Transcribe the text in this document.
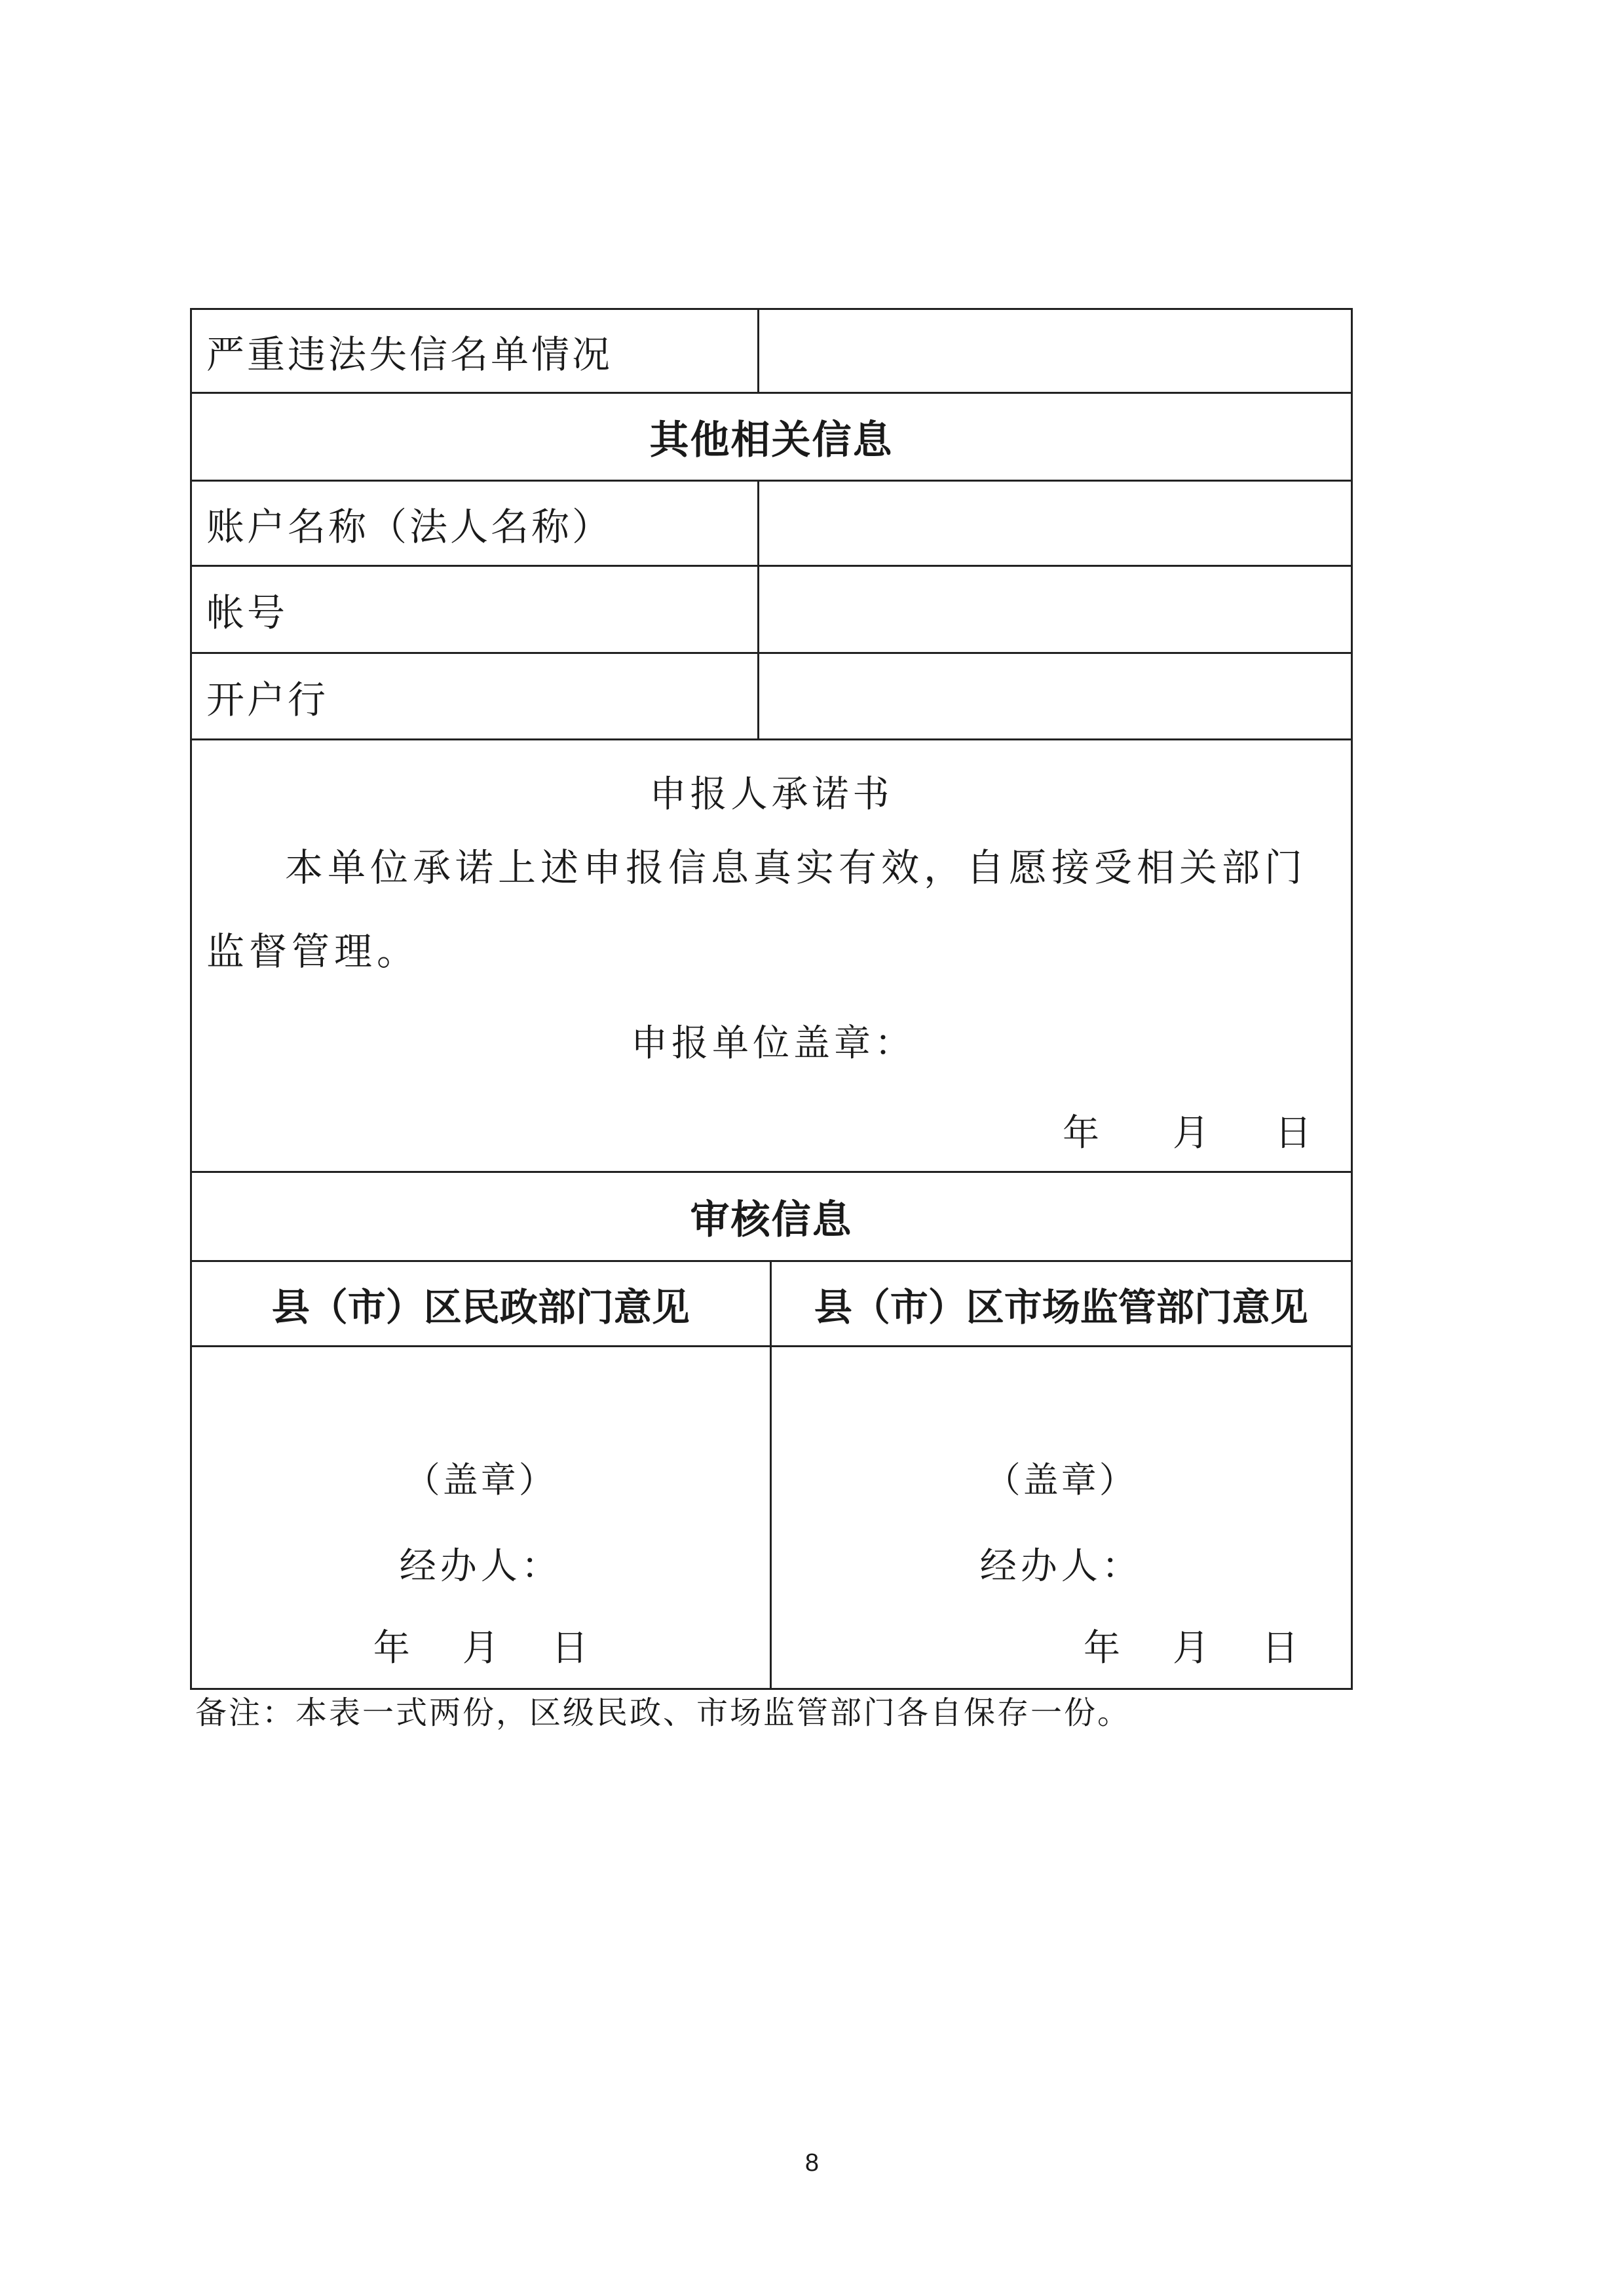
严重违法失信名单情况
其他相关信息
账户名称（法人名称）
帐号
开户行
申报人承诺书
本单位承诺上述申报信息真实有效，自愿接受相关部门监督管理。
申报单位盖章：
年 月 日
审核信息
县（市）区民政部门意见
（盖章）
经办人：
年 月 日
县（市）区市场监管部门意见
（盖章）
经办人：
年 月 日
备注：本表一式两份，区级民政、市场监管部门各自保存一份。
8
